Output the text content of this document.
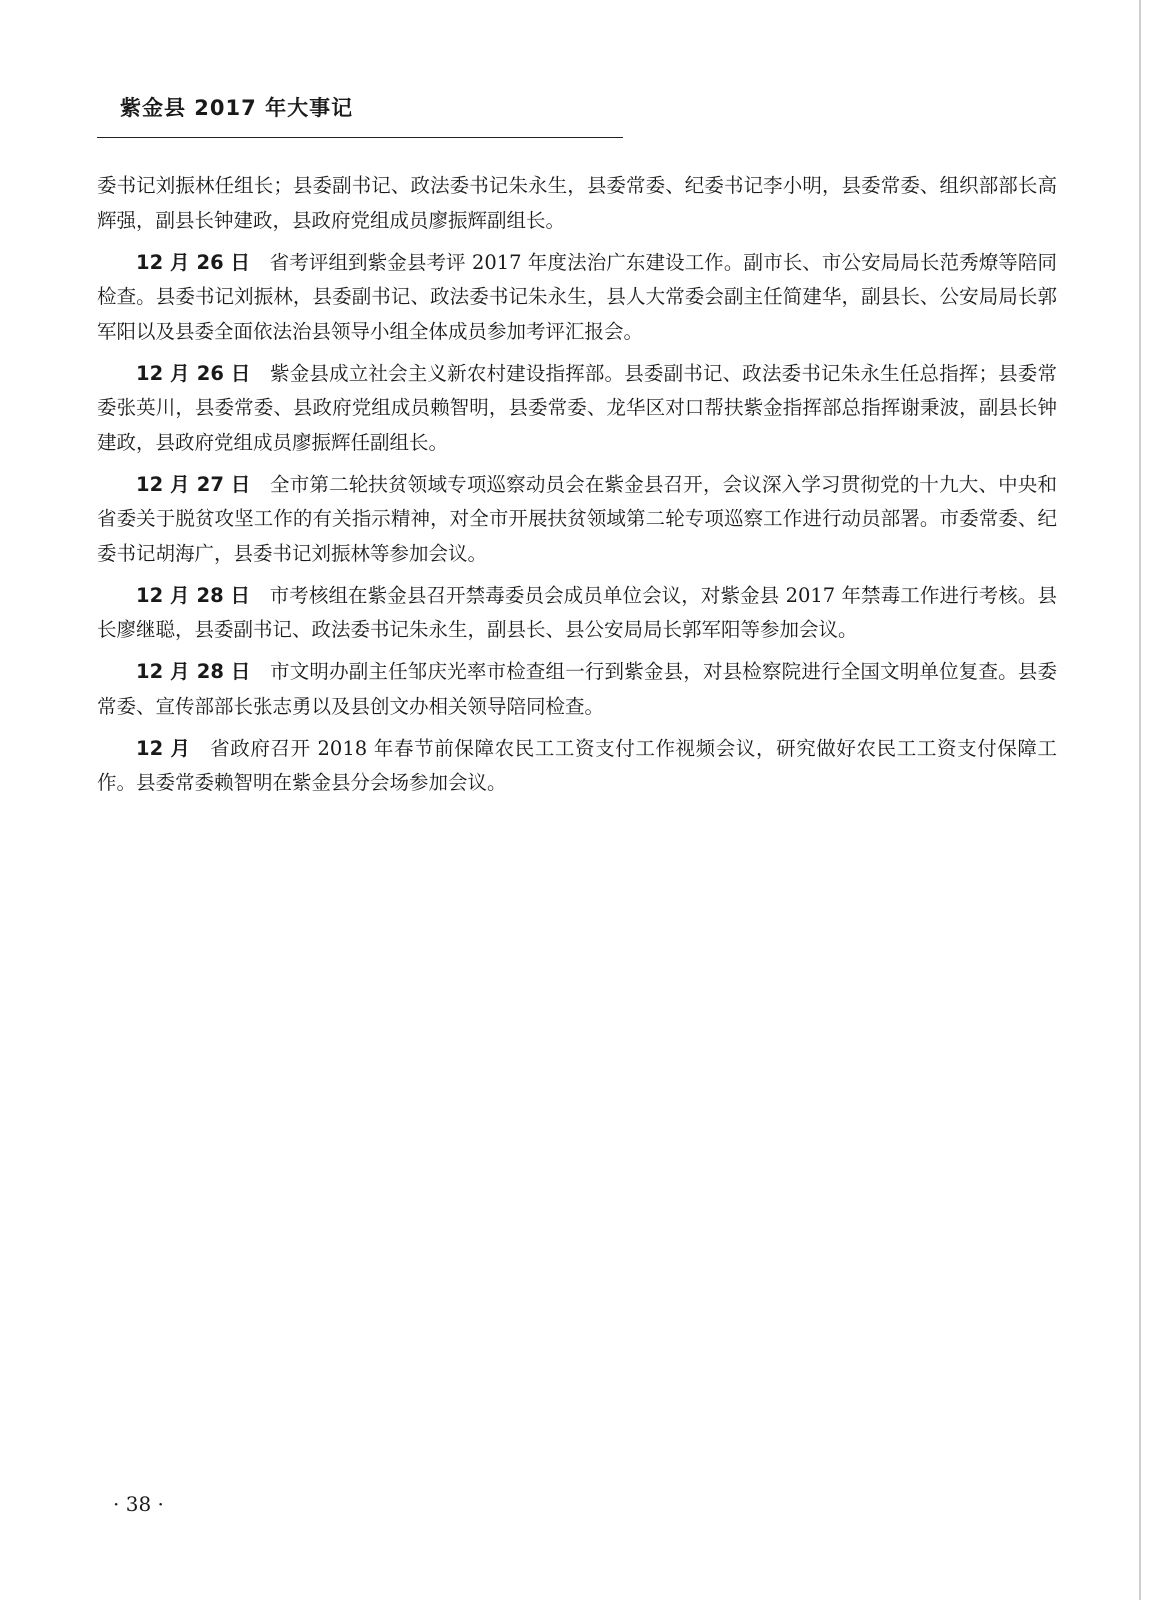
紫金县 2017 年大事记

委书记刘振林任组长；县委副书记、政法委书记朱永生，县委常委、纪委书记李小明，县委常委、组织部部长高辉强，副县长钟建政，县政府党组成员廖振辉副组长。

12 月 26 日 省考评组到紫金县考评 2017 年度法治广东建设工作。副市长、市公安局局长范秀燎等陪同检查。县委书记刘振林，县委副书记、政法委书记朱永生，县人大常委会副主任简建华，副县长、公安局局长郭军阳以及县委全面依法治县领导小组全体成员参加考评汇报会。

12 月 26 日 紫金县成立社会主义新农村建设指挥部。县委副书记、政法委书记朱永生任总指挥；县委常委张英川，县委常委、县政府党组成员赖智明，县委常委、龙华区对口帮扶紫金指挥部总指挥谢秉波，副县长钟建政，县政府党组成员廖振辉任副组长。

12 月 27 日 全市第二轮扶贫领域专项巡察动员会在紫金县召开，会议深入学习贯彻党的十九大、中央和省委关于脱贫攻坚工作的有关指示精神，对全市开展扶贫领域第二轮专项巡察工作进行动员部署。市委常委、纪委书记胡海广，县委书记刘振林等参加会议。

12 月 28 日 市考核组在紫金县召开禁毒委员会成员单位会议，对紫金县 2017 年禁毒工作进行考核。县长廖继聪，县委副书记、政法委书记朱永生，副县长、县公安局局长郭军阳等参加会议。

12 月 28 日 市文明办副主任邹庆光率市检查组一行到紫金县，对县检察院进行全国文明单位复查。县委常委、宣传部部长张志勇以及县创文办相关领导陪同检查。

12 月 省政府召开 2018 年春节前保障农民工工资支付工作视频会议，研究做好农民工工资支付保障工作。县委常委赖智明在紫金县分会场参加会议。

· 38 ·
